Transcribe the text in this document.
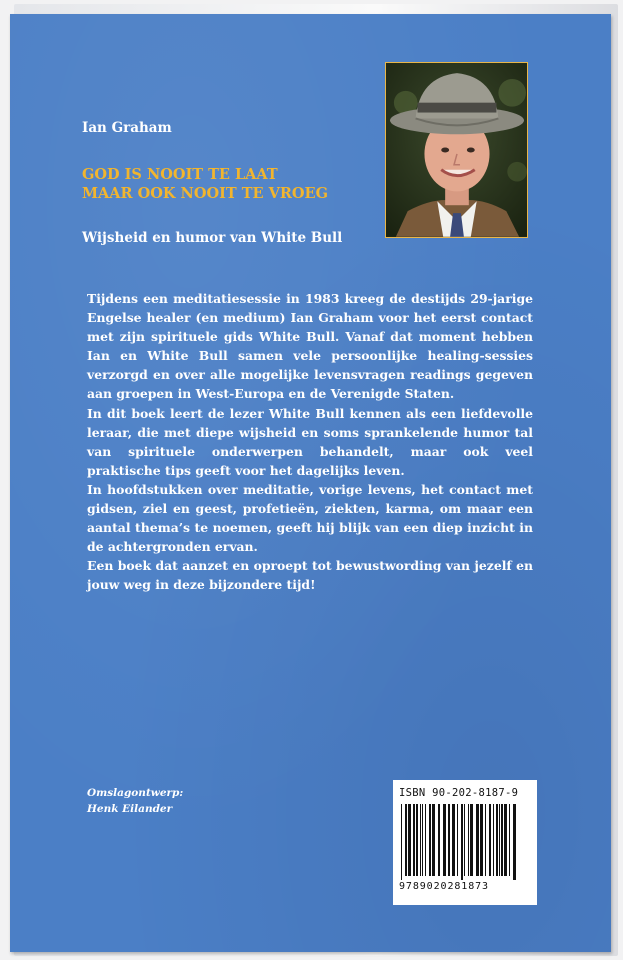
Ian Graham
GOD IS NOOIT TE LAAT
MAAR OOK NOOIT TE VROEG
Wijsheid en humor van White Bull

Tijdens een meditatiesessie in 1983 kreeg de destijds 29-jarige Engelse healer (en medium) Ian Graham voor het eerst contact met zijn spirituele gids White Bull. Vanaf dat moment hebben Ian en White Bull samen vele persoonlijke healing-sessies verzorgd en over alle mogelijke levensvragen readings gegeven aan groepen in West-Europa en de Verenigde Staten.

In dit boek leert de lezer White Bull kennen als een liefdevolle leraar, die met diepe wijsheid en soms sprankelende humor tal van spirituele onderwerpen behandelt, maar ook veel praktische tips geeft voor het dagelijks leven.

In hoofdstukken over meditatie, vorige levens, het contact met gidsen, ziel en geest, profetieën, ziekten, karma, om maar een aantal thema’s te noemen, geeft hij blijk van een diep inzicht in de achtergronden ervan.

Een boek dat aanzet en oproept tot bewustwording van jezelf en jouw weg in deze bijzondere tijd!

Omslagontwerp:
Henk Eilander
ISBN 90-202-8187-9
9789020281873
